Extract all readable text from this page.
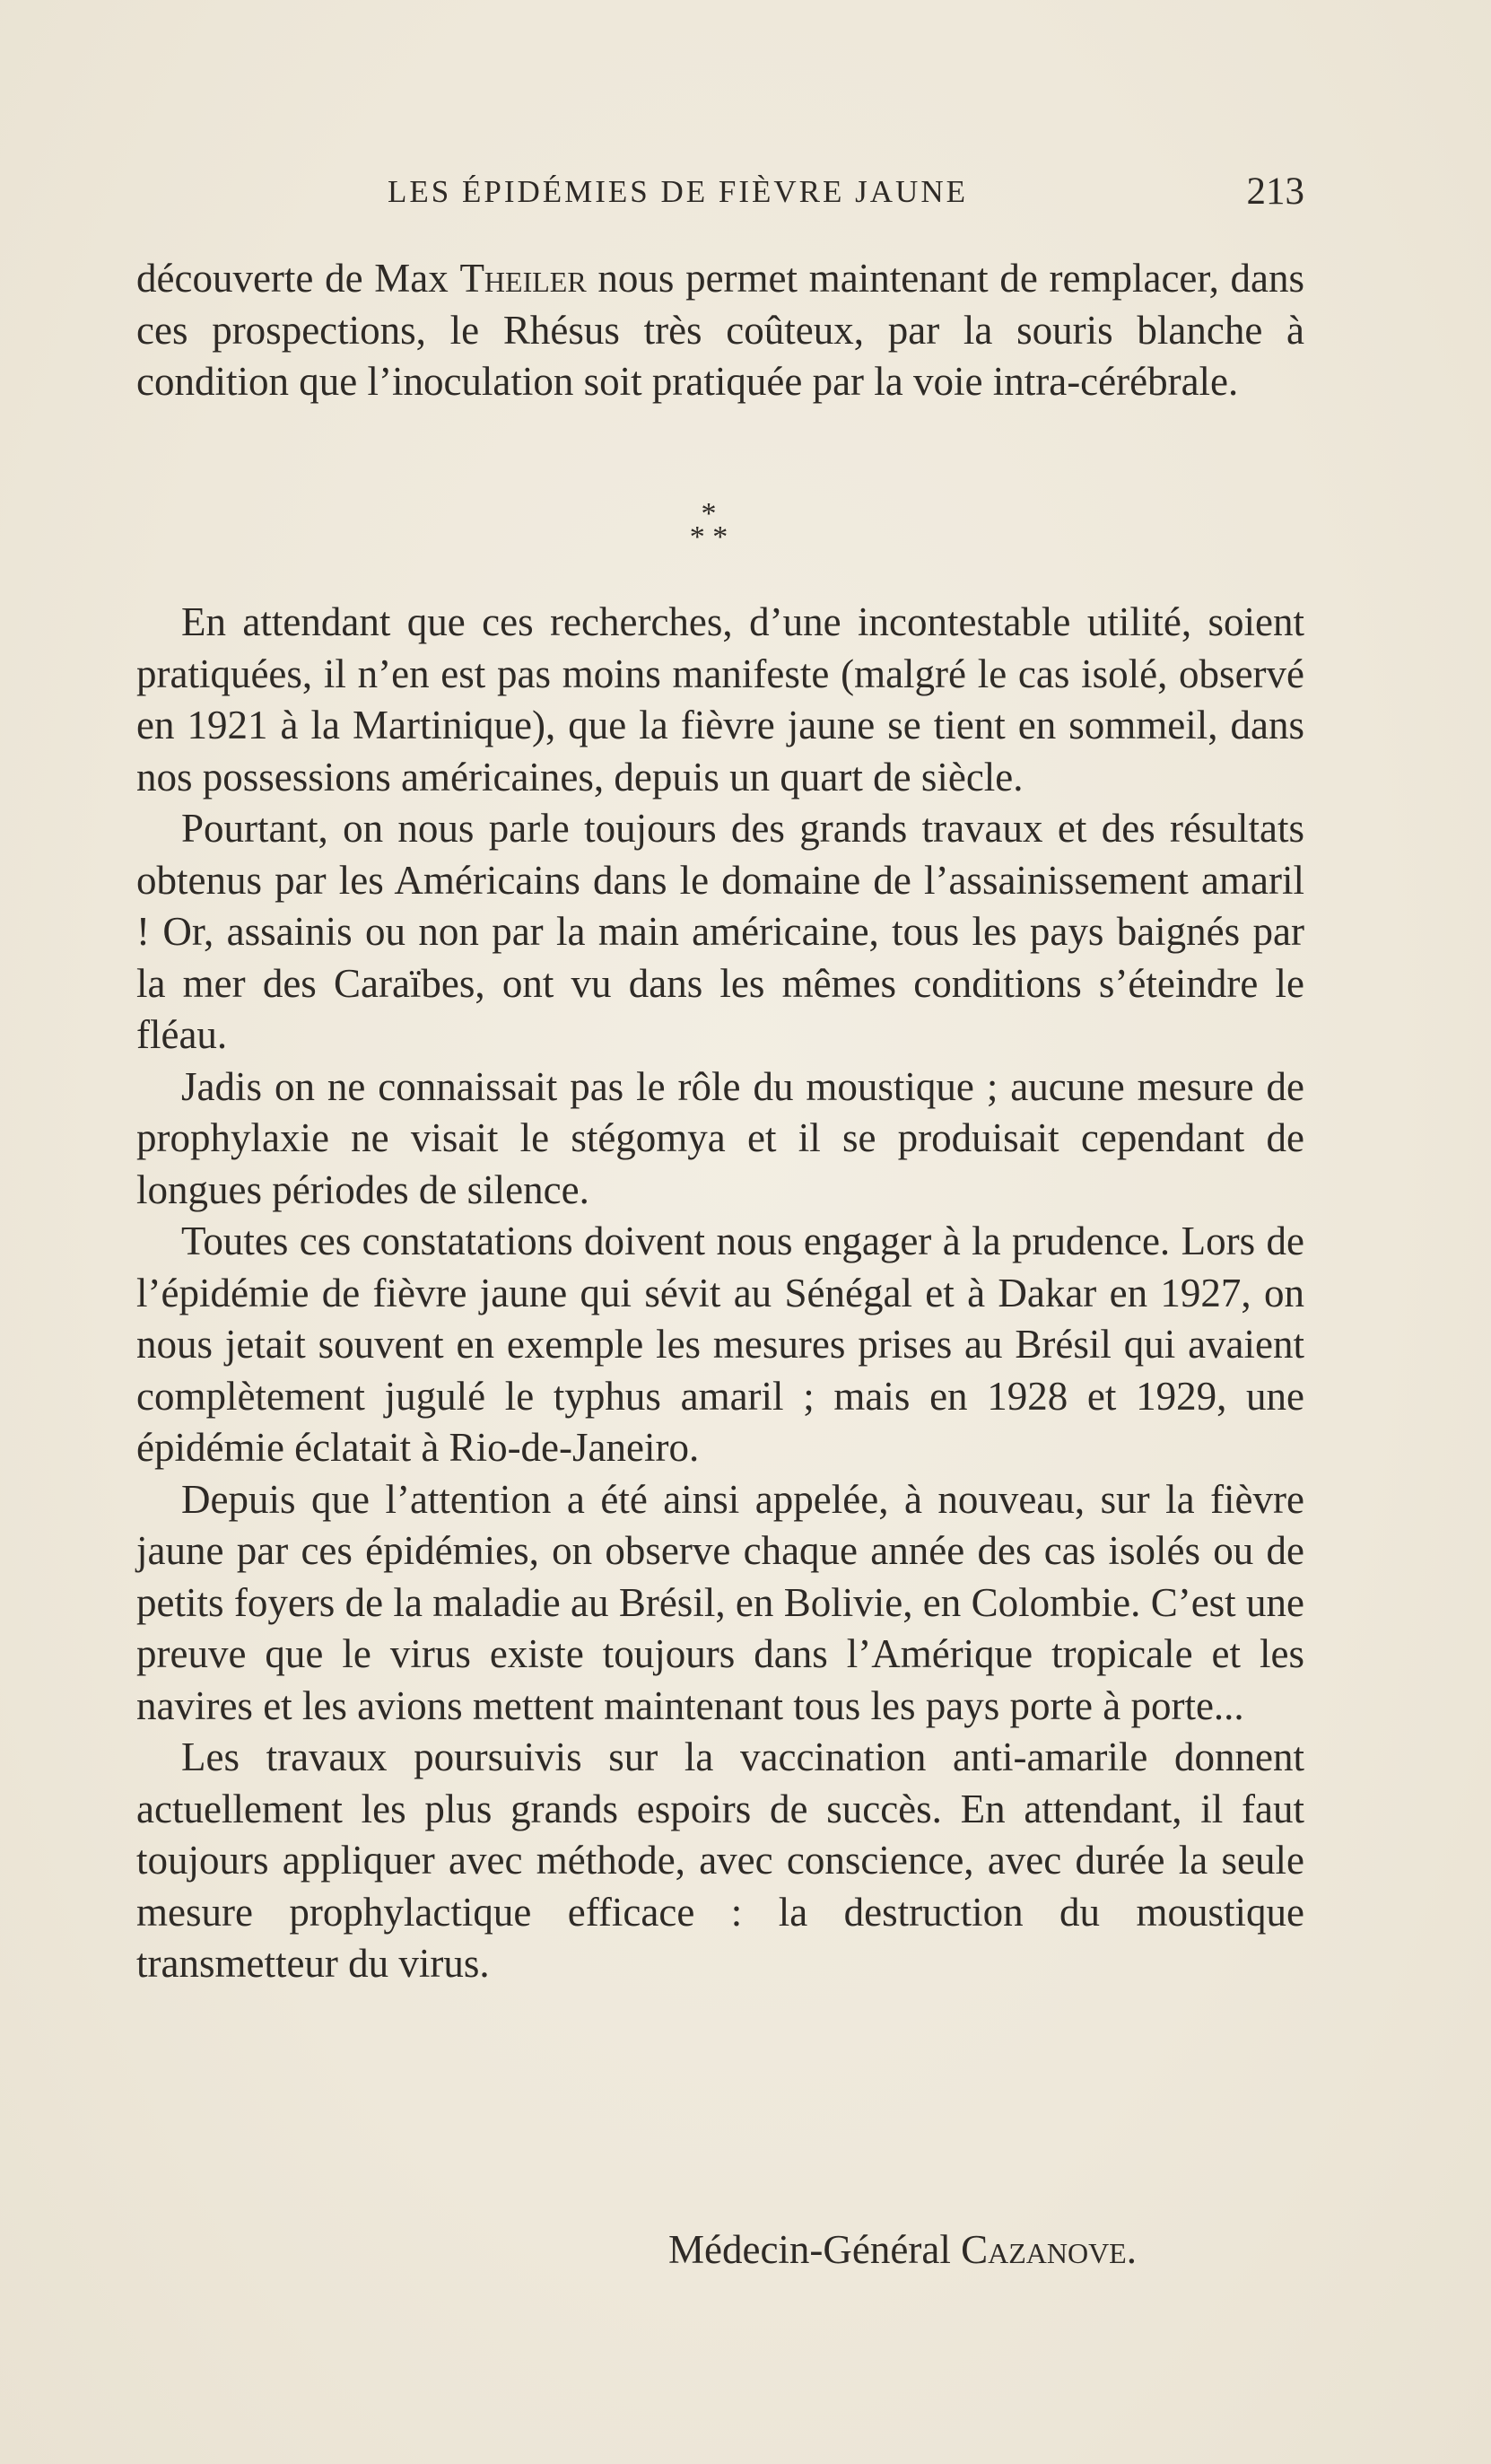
LES ÉPIDÉMIES DE FIÈVRE JAUNE	213

découverte de Max Theiler nous permet maintenant de remplacer, dans ces prospections, le Rhésus très coûteux, par la souris blanche à condition que l’inoculation soit pratiquée par la voie intra-cérébrale.

*
* *

En attendant que ces recherches, d’une incontestable utilité, soient pratiquées, il n’en est pas moins manifeste (malgré le cas isolé, observé en 1921 à la Martinique), que la fièvre jaune se tient en sommeil, dans nos possessions américaines, depuis un quart de siècle.

Pourtant, on nous parle toujours des grands travaux et des résultats obtenus par les Américains dans le domaine de l’assainissement amaril ! Or, assainis ou non par la main américaine, tous les pays baignés par la mer des Caraïbes, ont vu dans les mêmes conditions s’éteindre le fléau.

Jadis on ne connaissait pas le rôle du moustique ; aucune mesure de prophylaxie ne visait le stégomya et il se produisait cependant de longues périodes de silence.

Toutes ces constatations doivent nous engager à la prudence. Lors de l’épidémie de fièvre jaune qui sévit au Sénégal et à Dakar en 1927, on nous jetait souvent en exemple les mesures prises au Brésil qui avaient complètement jugulé le typhus amaril ; mais en 1928 et 1929, une épidémie éclatait à Rio-de-Janeiro.

Depuis que l’attention a été ainsi appelée, à nouveau, sur la fièvre jaune par ces épidémies, on observe chaque année des cas isolés ou de petits foyers de la maladie au Brésil, en Bolivie, en Colombie. C’est une preuve que le virus existe toujours dans l’Amérique tropicale et les navires et les avions mettent maintenant tous les pays porte à porte...

Les travaux poursuivis sur la vaccination anti-amarile donnent actuellement les plus grands espoirs de succès. En attendant, il faut toujours appliquer avec méthode, avec conscience, avec durée la seule mesure prophylactique efficace : la destruction du moustique transmetteur du virus.

Médecin-Général Cazanove.
